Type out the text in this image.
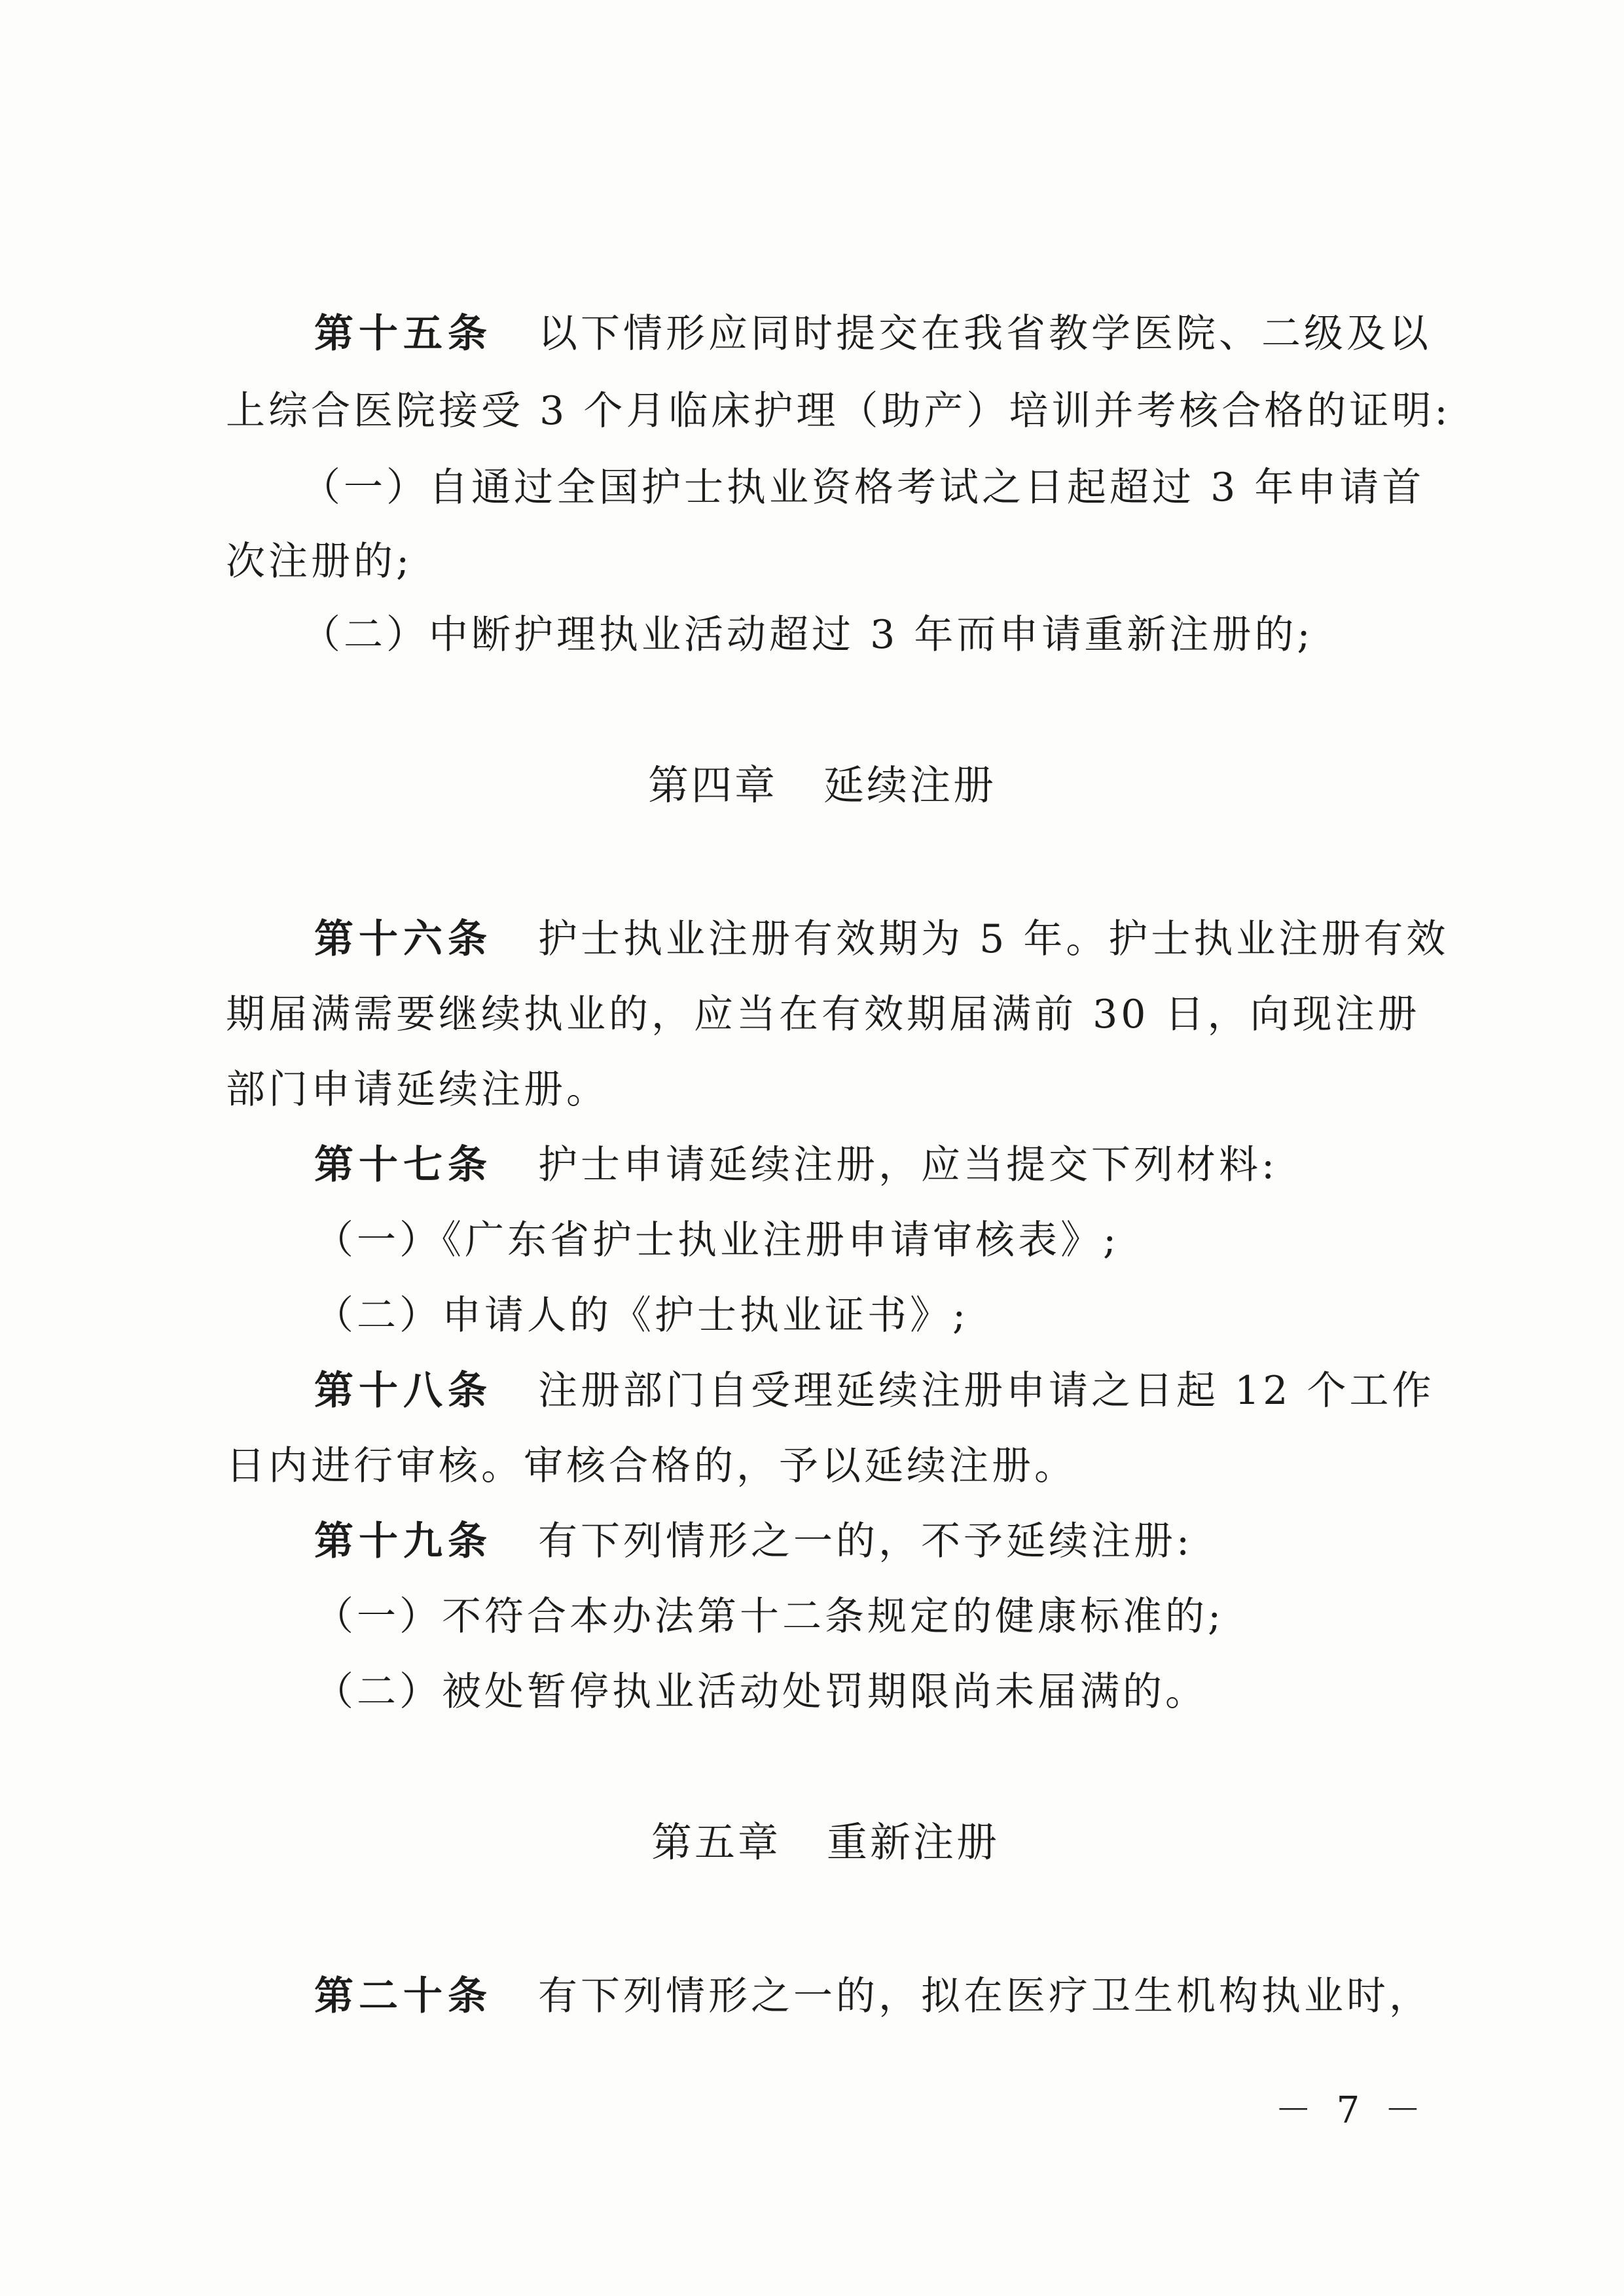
第十五条 以下情形应同时提交在我省教学医院、二级及以
上综合医院接受 3 个月临床护理（助产）培训并考核合格的证明:
（一）自通过全国护士执业资格考试之日起超过 3 年申请首
次注册的;
（二）中断护理执业活动超过 3 年而申请重新注册的;
第四章 延续注册
第十六条 护士执业注册有效期为 5 年。护士执业注册有效
期届满需要继续执业的，应当在有效期届满前 30 日，向现注册
部门申请延续注册。
第十七条 护士申请延续注册，应当提交下列材料:
（一）《广东省护士执业注册申请审核表》;
（二）申请人的《护士执业证书》;
第十八条 注册部门自受理延续注册申请之日起 12 个工作
日内进行审核。审核合格的，予以延续注册。
第十九条 有下列情形之一的，不予延续注册:
（一）不符合本办法第十二条规定的健康标准的;
（二）被处暂停执业活动处罚期限尚未届满的。
第五章 重新注册
第二十条 有下列情形之一的，拟在医疗卫生机构执业时，
－ 7 －
